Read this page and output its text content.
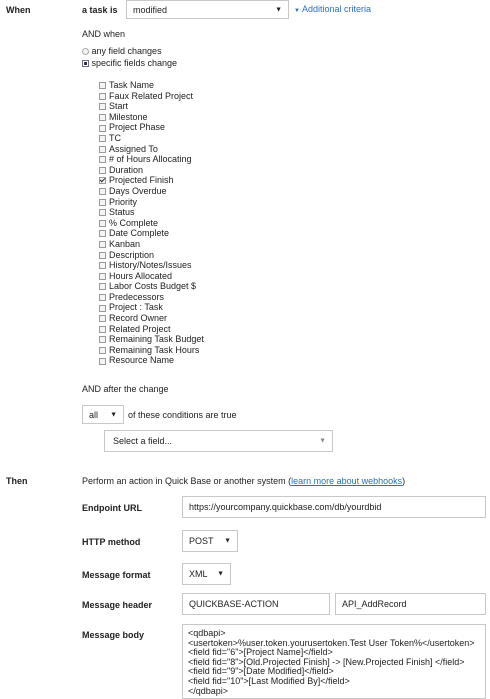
When	a task is modified	▼ ▼ Additional criteria
AND when
any field changes
specific fields change
Task Name
Faux Related Project
Start
Milestone
Project Phase
TC
Assigned To
# of Hours Allocating
Duration
Projected Finish
Days Overdue
Priority
Status
% Complete
Date Complete
Kanban
Description
History/Notes/Issues
Hours Allocated
Labor Costs Budget $
Predecessors
Project : Task
Record Owner
Related Project
Remaining Task Budget
Remaining Task Hours
Resource Name
AND after the change
all ▼ of these conditions are true
Select a field...	▼
Then	Perform an action in Quick Base or another system (learn more about webhooks)
Endpoint URL	https://yourcompany.quickbase.com/db/yourdbid
HTTP method	POST ▼
Message format	XML ▼
Message header	QUICKBASE-ACTION	API_AddRecord
Message body	<qdbapi>
<usertoken>%user.token.yourusertoken.Test User Token%</usertoken>
<field fid="6">[Project Name]</field>
<field fid="8">[Old.Projected Finish] -> [New.Projected Finish] </field>
<field fid="9">[Date Modified]</field>
<field fid="10">[Last Modified By]</field>
</qdbapi>
